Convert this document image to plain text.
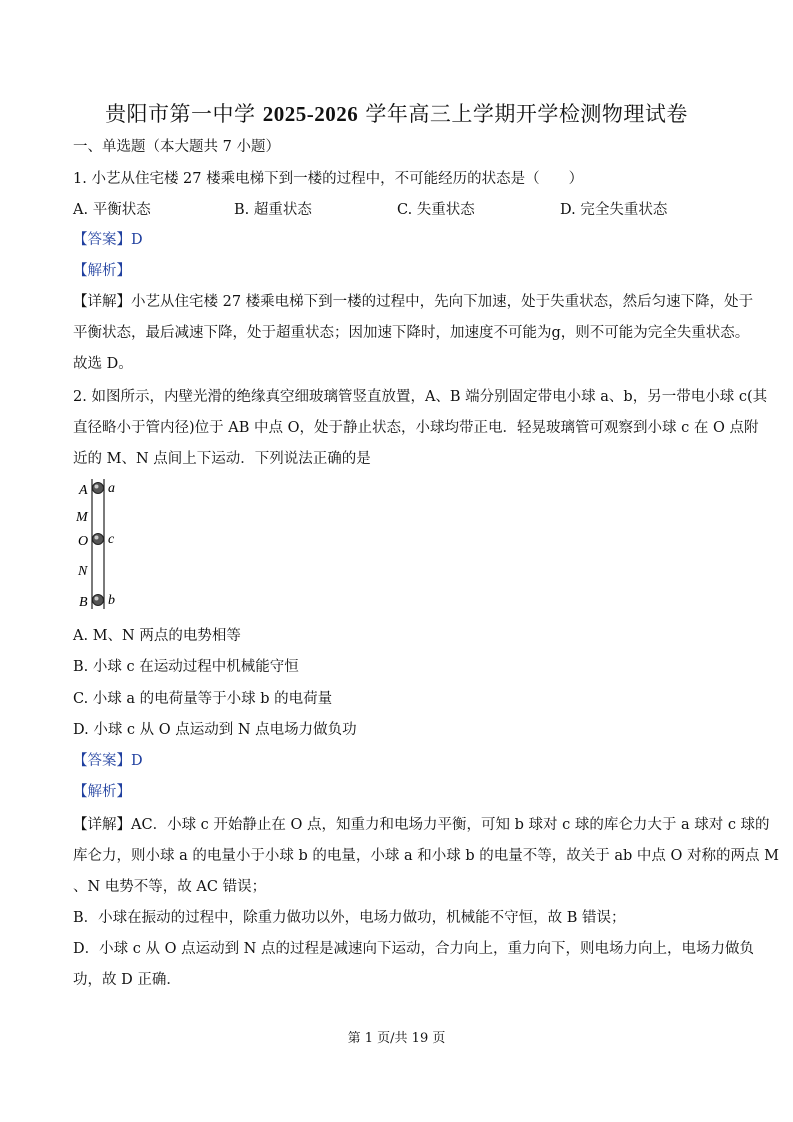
贵阳市第一中学 2025-2026 学年高三上学期开学检测物理试卷
一、单选题（本大题共 7 小题）
1. 小艺从住宅楼 27 楼乘电梯下到一楼的过程中，不可能经历的状态是（　　）
A. 平衡状态	B. 超重状态	C. 失重状态	D. 完全失重状态
【答案】D
【解析】
【详解】小艺从住宅楼 27 楼乘电梯下到一楼的过程中，先向下加速，处于失重状态，然后匀速下降，处于
平衡状态，最后减速下降，处于超重状态；因加速下降时，加速度不可能为g，则不可能为完全失重状态。
故选 D。
2. 如图所示，内壁光滑的绝缘真空细玻璃管竖直放置，A、B 端分别固定带电小球 a、b，另一带电小球 c(其
直径略小于管内径)位于 AB 中点 O，处于静止状态，小球均带正电．轻晃玻璃管可观察到小球 c 在 O 点附
近的 M、N 点间上下运动．下列说法正确的是
A
M
O
N
B
a
c
b
A. M、N 两点的电势相等
B. 小球 c 在运动过程中机械能守恒
C. 小球 a 的电荷量等于小球 b 的电荷量
D. 小球 c 从 O 点运动到 N 点电场力做负功
【答案】D
【解析】
【详解】AC．小球 c 开始静止在 O 点，知重力和电场力平衡，可知 b 球对 c 球的库仑力大于 a 球对 c 球的
库仑力，则小球 a 的电量小于小球 b 的电量，小球 a 和小球 b 的电量不等，故关于 ab 中点 O 对称的两点 M
、N 电势不等，故 AC 错误；
B．小球在振动的过程中，除重力做功以外，电场力做功，机械能不守恒，故 B 错误；
D．小球 c 从 O 点运动到 N 点的过程是减速向下运动，合力向上，重力向下，则电场力向上，电场力做负
功，故 D 正确．
第 1 页/共 19 页
